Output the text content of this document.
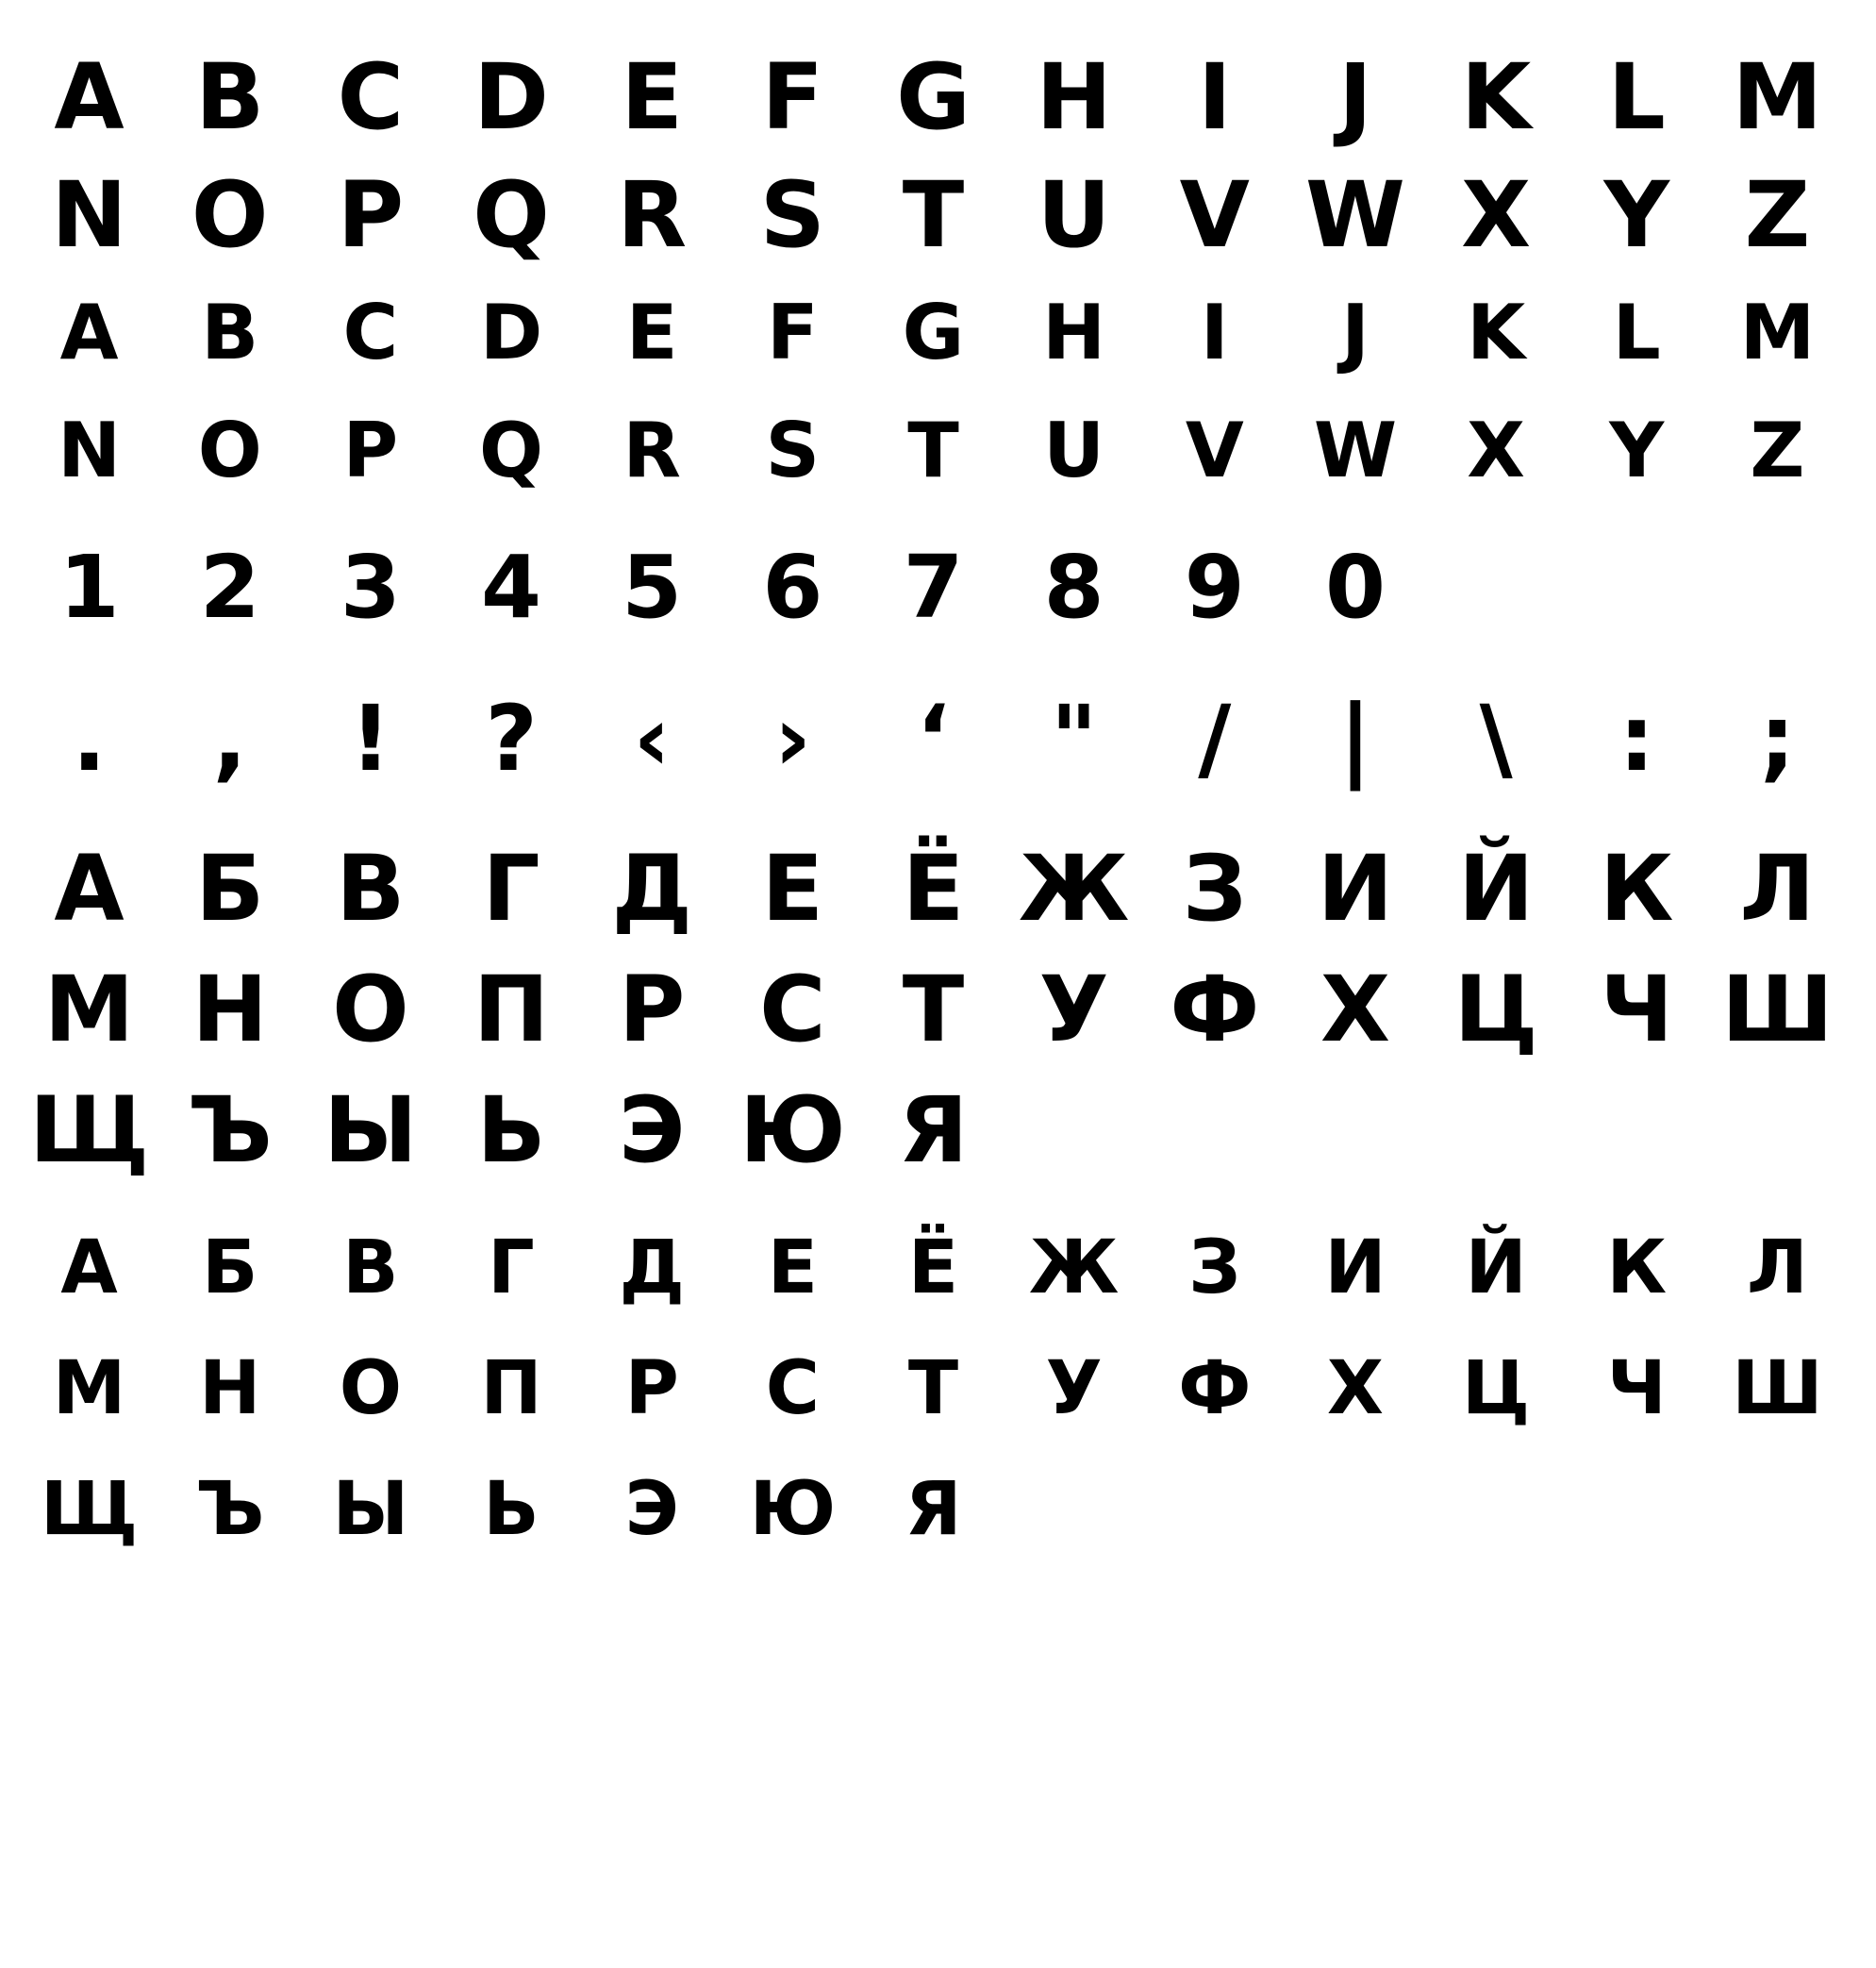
A B C D E F G H I	J K L M
N O P Q R S T U V W X Y Z
A	B	C	D	E	F	G	H	I	J	K	L	M
N	O	P	Q	R	S	T	U	V W X	Y	Z
1 2 3 4 5 6 7 8 9 0
.	,	!	?	‹	›	‘	"	/	|	\	:	;
А Б В Г Д Е Ё Ж З И Й К Л
М Н О П Р С Т У Ф Х Ц Ч Ш
Щ Ъ Ы Ь Э Ю Я
А	Б	В	Г	Д	Е	Ё Ж З	И	Й	К	Л
М Н	О	П	Р	С	Т	У	Ф	Х	Ц	Ч Ш
Щ Ъ Ы	Ь	Э Ю Я
